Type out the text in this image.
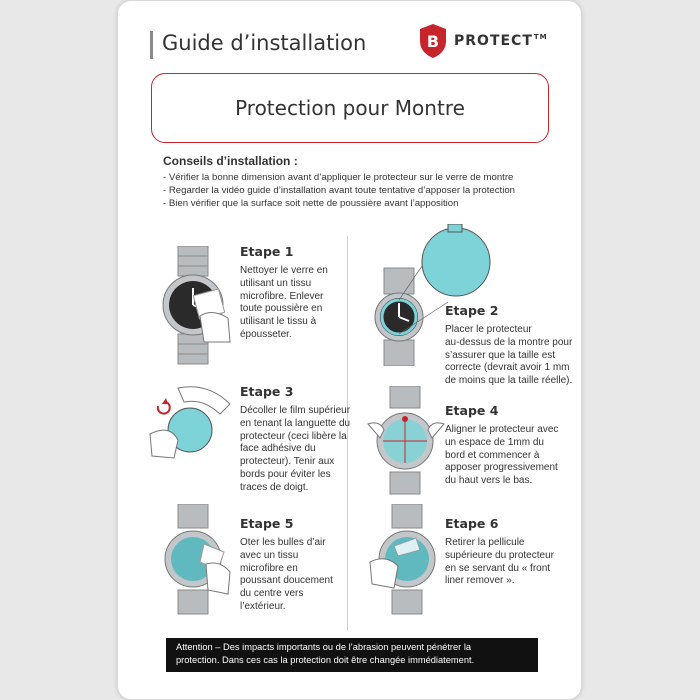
Guide d’installation	B PROTECT™
Protection pour Montre
Conseils d’installation :
- Vérifier la bonne dimension avant d’appliquer le protecteur sur le verre de montre
- Regarder la vidéo guide d’installation avant toute tentative d’apposer la protection
- Bien vérifier que la surface soit nette de poussière avant l’apposition
Etape 1
Nettoyer le verre en
utilisant un tissu
microfibre. Enlever
toute poussière en
utilisant le tissu à
épousseter.
Etape 2
Placer le protecteur
au-dessus de la montre pour
s’assurer que la taille est
correcte (devrait avoir 1 mm
de moins que la taille réelle).
Etape 3
Décoller le film supérieur
en tenant la languette du
protecteur (ceci libère la
face adhésive du
protecteur). Tenir aux
bords pour éviter les
traces de doigt.
Etape 4
Aligner le protecteur avec
un espace de 1mm du
bord et commencer à
apposer progressivement
du haut vers le bas.
Etape 5
Oter les bulles d’air
avec un tissu
microfibre en
poussant doucement
du centre vers
l’extérieur.
Etape 6
Retirer la pellicule
supérieure du protecteur
en se servant du « front
liner remover ».
Attention – Des impacts importants ou de l’abrasion peuvent pénétrer la
protection. Dans ces cas la protection doit être changée immédiatement.
